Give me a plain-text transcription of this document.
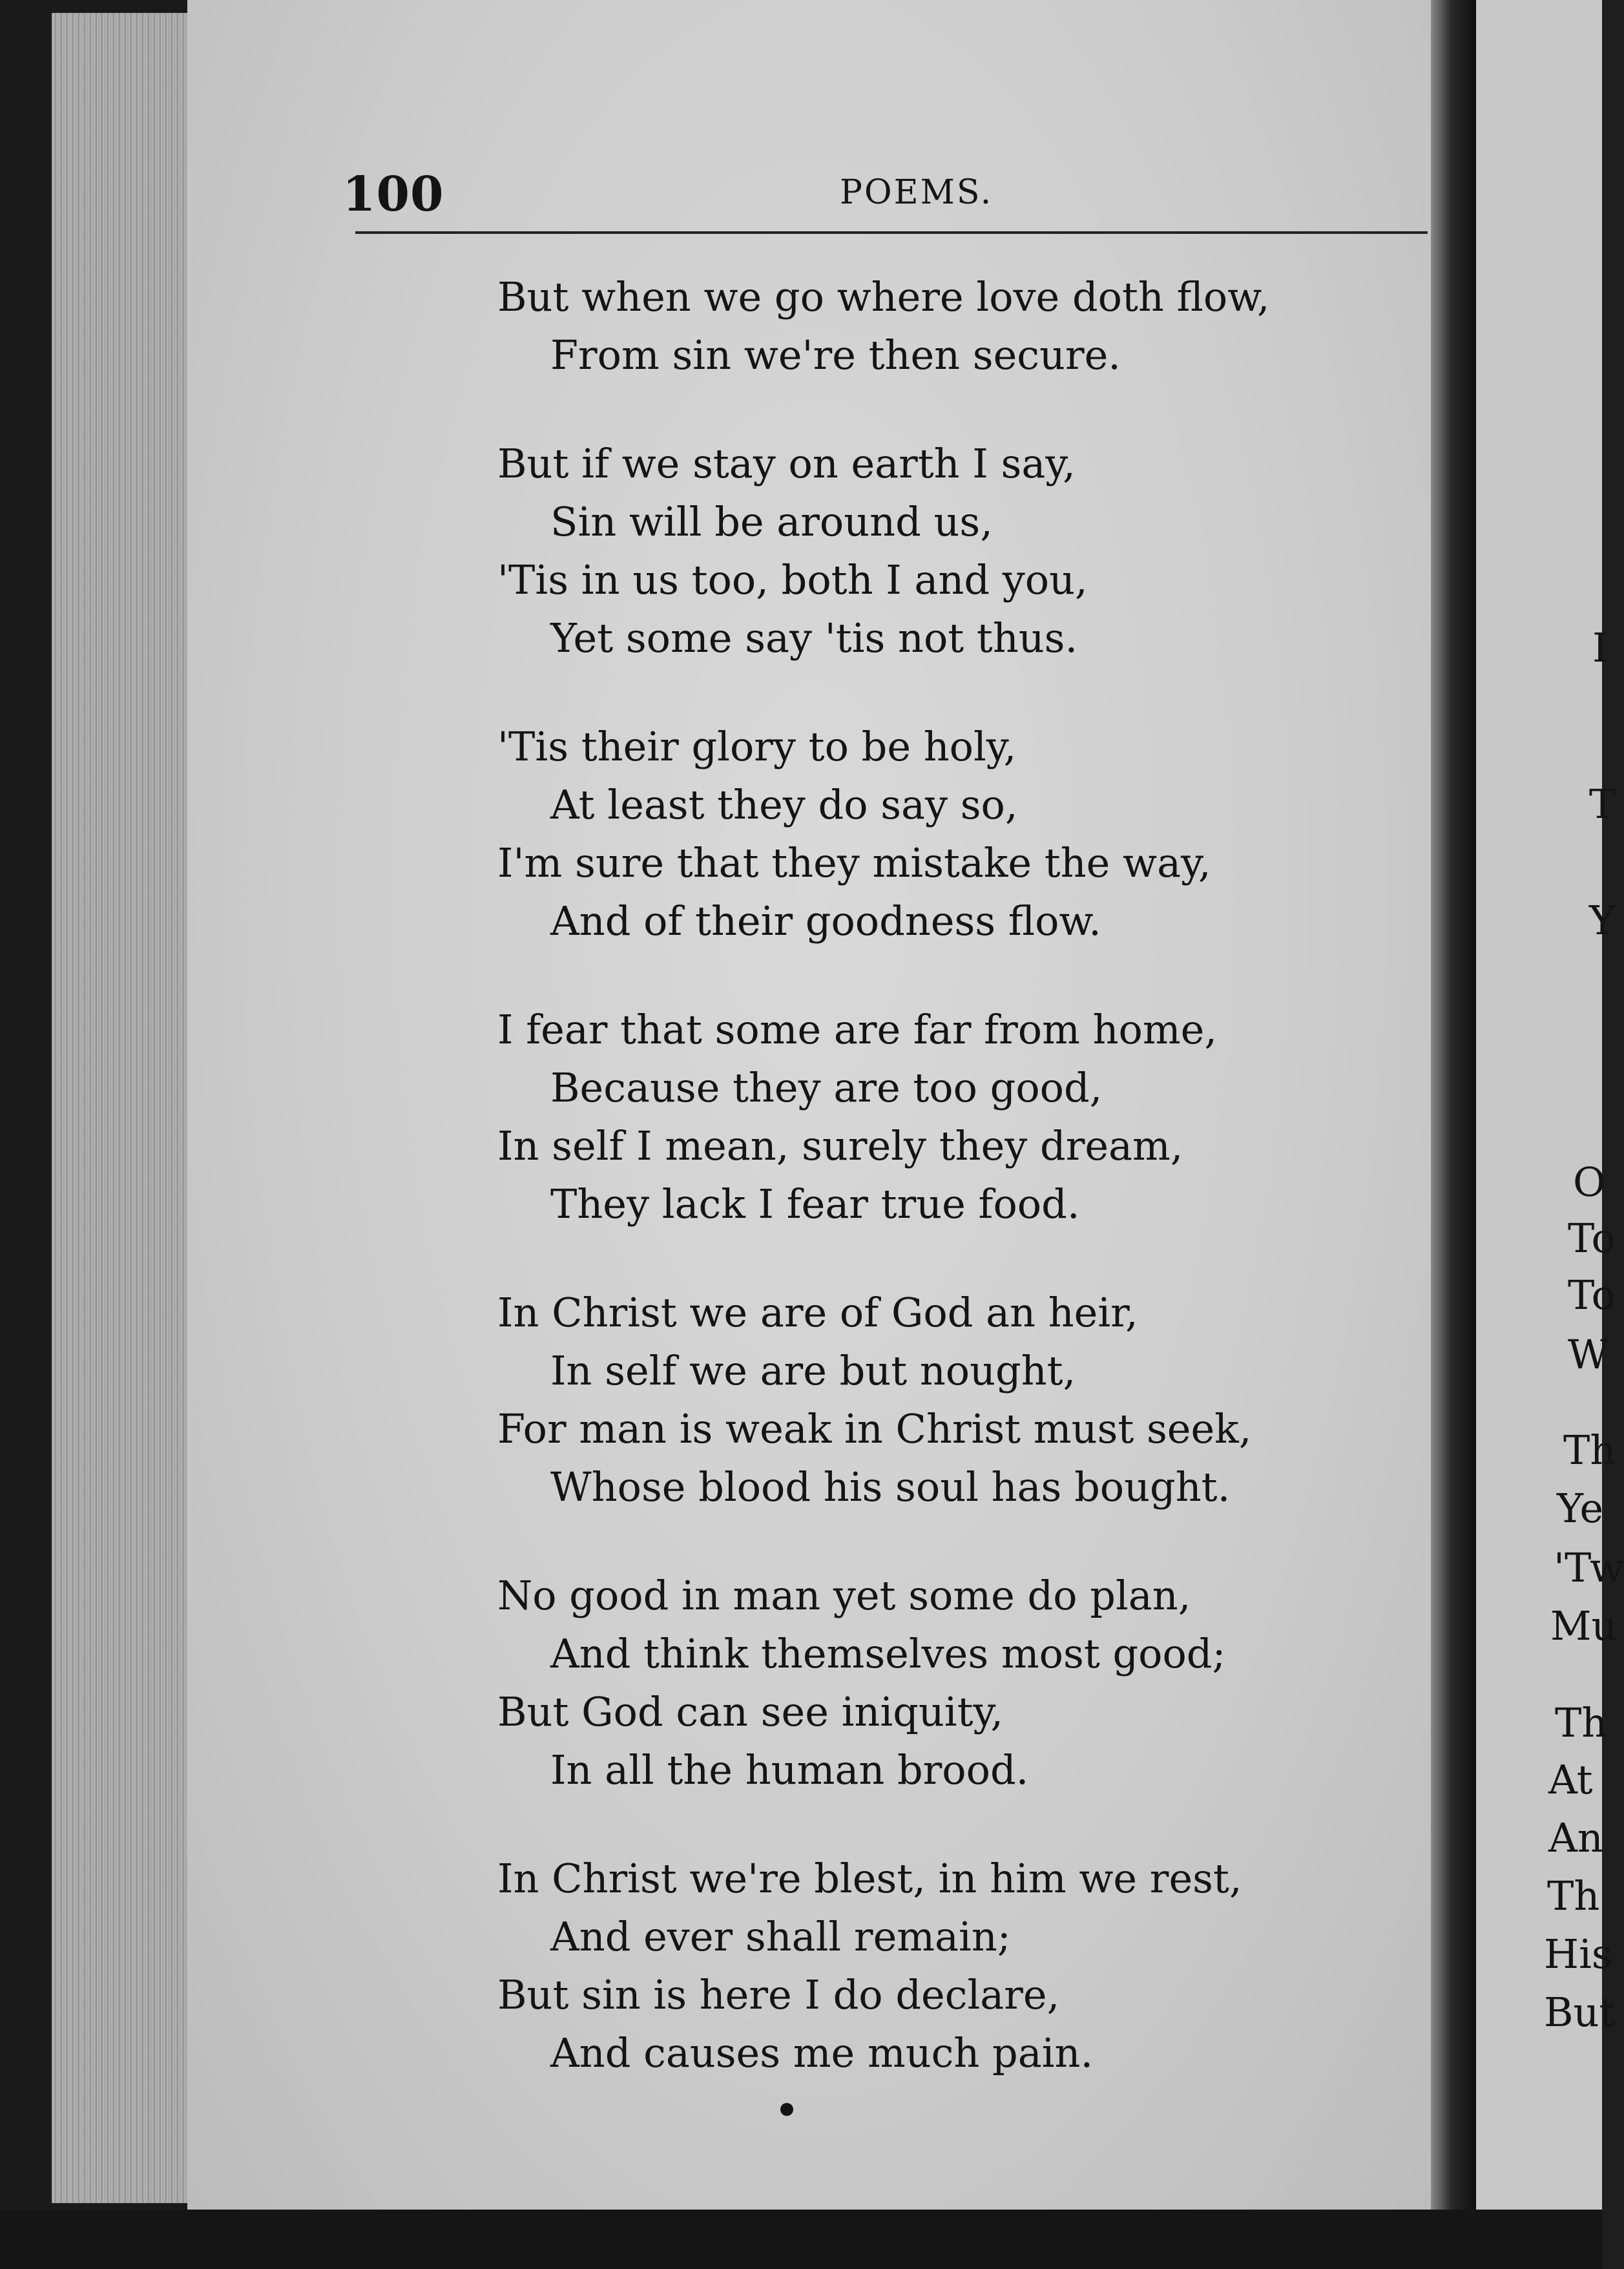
100	POEMS.
But when we go where love doth flow,
From sin we're then secure.
But if we stay on earth I say,
Sin will be around us,
'Tis in us too, both I and you,
Yet some say 'tis not thus.
'Tis their glory to be holy,
At least they do say so,
I'm sure that they mistake the way,
And of their goodness flow.
I fear that some are far from home,
Because they are too good,
In self I mean, surely they dream,
They lack I fear true food.
In Christ we are of God an heir,
In self we are but nought,
For man is weak in Christ must seek,
Whose blood his soul has bought.
No good in man yet some do plan,
And think themselves most good;
But God can see iniquity,
In all the human brood.
In Christ we're blest, in him we rest,
And ever shall remain;
But sin is here I do declare,
And causes me much pain.
I
T
Y
O
To
To
W
Th
Ye
'Tw
Mu
Th
At
An
Th
His
But
